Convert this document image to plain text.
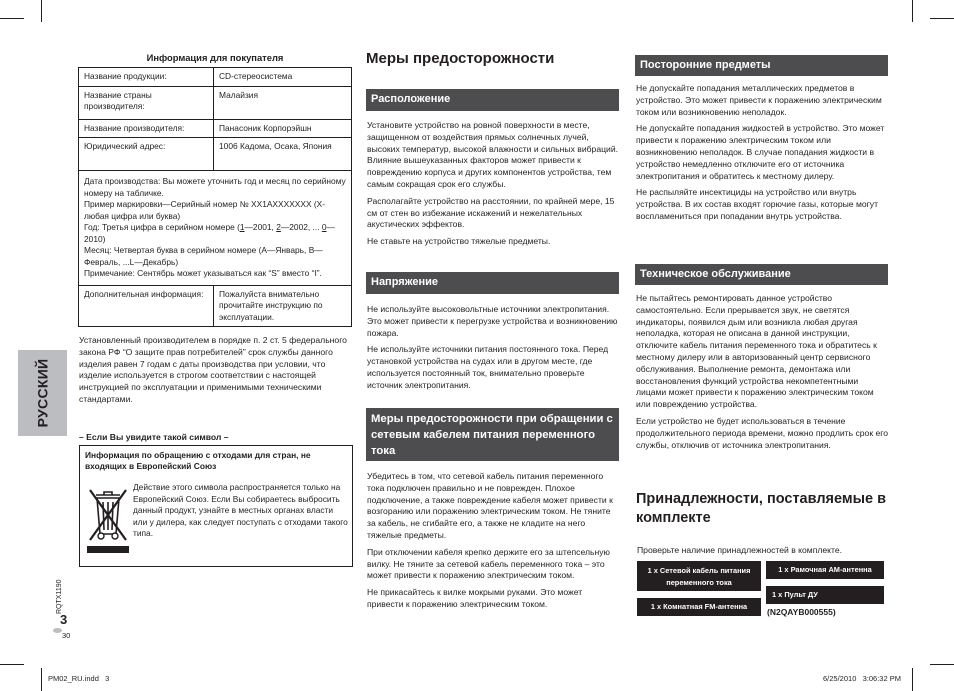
Информация для покупателя
Название продукции:	CD-стереосистема
Название страны производителя:	Малайзия
Название производителя:	Панасоник Корпорэйшн
Юридический адрес:	1006 Кадома, Осака, Япония

Дата производства: Вы можете уточнить год и месяц по серийному номеру на табличке.
Пример маркировки—Серийный номер № XX1AXXXXXXX (X-любая цифра или буква)
Год: Третья цифра в серийном номере (1—2001, 2—2002, ... 0—2010)
Месяц: Четвертая буква в серийном номере (A—Январь, B—Февраль, ...L—Декабрь)
Примечание: Сентябрь может указываться как “S” вместо “I”.	

Дополнительная информация:	Пожалуйста внимательно прочитайте инструкцию по эксплуатации.
Установленный производителем в порядке п. 2 ст. 5 федерального закона РФ “О защите прав потребителей” срок службы данного изделия равен 7 годам с даты производства при условии, что изделие используется в строгом соответствии с настоящей инструкцией по эксплуатации и применимыми техническими стандартами.
– Если Вы увидите такой символ –
Информация по обращению с отходами для стран, не входящих в Европейский Союз
Действие этого символа распространяется только на Европейский Союз. Если Вы собираетесь выбросить данный продукт, узнайте в местных органах власти или у дилера, как следует поступать с отходами такого типа.
РУССКИЙ
RQTX1190
3
30
Меры предосторожности
Расположение

Установите устройство на ровной поверхности в месте, защищенном от воздействия прямых солнечных лучей, высоких температур, высокой влажности и сильных вибраций. Влияние вышеуказанных факторов может привести к повреждению корпуса и других компонентов устройства, тем самым сокращая срок его службы.

Располагайте устройство на расстоянии, по крайней мере, 15 см от стен во избежание искажений и нежелательных акустических эффектов.

Не ставьте на устройство тяжелые предметы.

Напряжение

Не используйте высоковольтные источники электропитания. Это может привести к перегрузке устройства и возникновению пожара.

Не используйте источники питания постоянного тока. Перед установкой устройства на судах или в другом месте, где используется постоянный ток, внимательно проверьте источник электропитания.

Меры предосторожности при обращении с сетевым кабелем питания переменного тока

Убедитесь в том, что сетевой кабель питания переменного тока подключен правильно и не поврежден. Плохое подключение, а также повреждение кабеля может привести к возгоранию или поражению электрическим током. Не тяните за кабель, не сгибайте его, а также не кладите на него тяжелые предметы.

При отключении кабеля крепко держите его за штепсельную вилку. Не тяните за сетевой кабель переменного тока – это может привести к поражению электрическим током.

Не прикасайтесь к вилке мокрыми руками. Это может привести к поражению электрическим током.

Посторонние предметы

Не допускайте попадания металлических предметов в устройство. Это может привести к поражению электрическим током или возникновению неполадок.

Не допускайте попадания жидкостей в устройство. Это может привести к поражению электрическим током или возникновению неполадок. В случае попадания жидкости в устройство немедленно отключите его от источника электропитания и обратитесь к местному дилеру.

Не распыляйте инсектициды на устройство или внутрь устройства. В их состав входят горючие газы, которые могут воспламениться при попадании внутрь устройства.

Техническое обслуживание

Не пытайтесь ремонтировать данное устройство самостоятельно. Если прерывается звук, не светятся индикаторы, появился дым или возникла любая другая неполадка, которая не описана в данной инструкции, отключите кабель питания переменного тока и обратитесь к местному дилеру или в авторизованный центр сервисного обслуживания. Выполнение ремонта, демонтажа или восстановления функций устройства некомпетентными лицами может привести к поражению электрическим током или повреждению устройства.

Если устройство не будет использоваться в течение продолжительного периода времени, можно продлить срок его службы, отключив от источника электропитания.

Принадлежности, поставляемые в комплекте
Проверьте наличие принадлежностей в комплекте.
1 x Сетевой кабель питания переменного тока
1 x Комнатная FM-антенна
1 x Рамочная AM-антенна
1 x Пульт ДУ
(N2QAYB000555)
PM02_RU.indd   3	6/25/2010   3:06:32 PM
